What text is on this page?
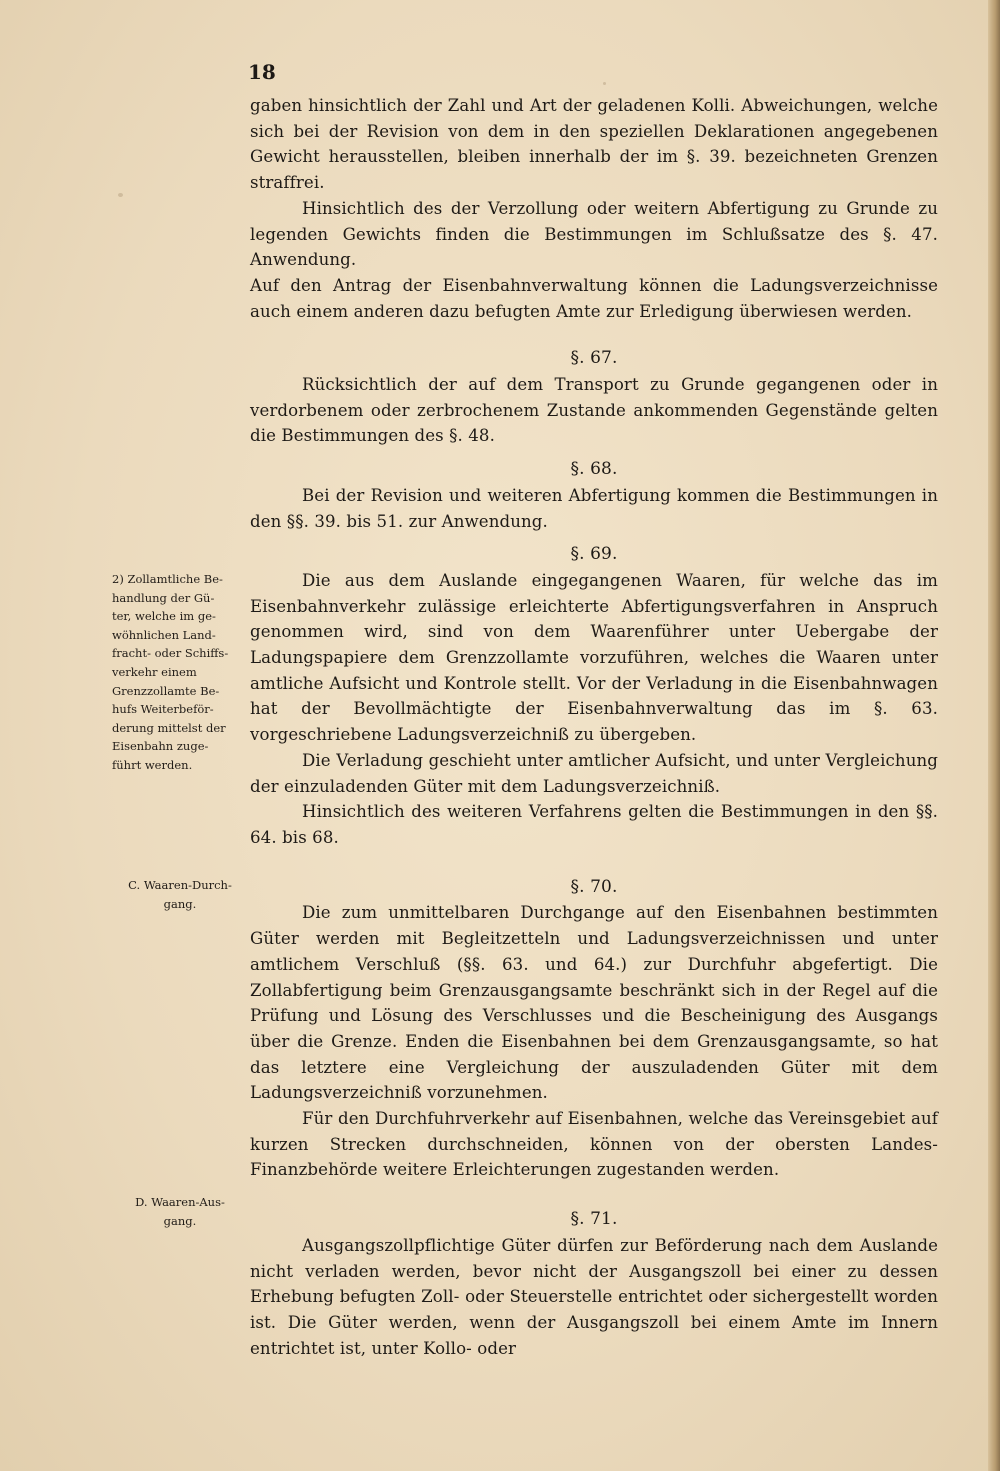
18

gaben hinsichtlich der Zahl und Art der geladenen Kolli. Abweichungen, welche sich bei der Revision von dem in den speziellen Deklarationen angegebenen Gewicht herausstellen, bleiben innerhalb der im §. 39. bezeichneten Grenzen straffrei.

Hinsichtlich des der Verzollung oder weitern Abfertigung zu Grunde zu legenden Gewichts finden die Bestimmungen im Schlußsatze des §. 47. Anwendung.

Auf den Antrag der Eisenbahnverwaltung können die Ladungsverzeichnisse auch einem anderen dazu befugten Amte zur Erledigung überwiesen werden.

§. 67.

Rücksichtlich der auf dem Transport zu Grunde gegangenen oder in verdorbenem oder zerbrochenem Zustande ankommenden Gegenstände gelten die Bestimmungen des §. 48.

§. 68.

Bei der Revision und weiteren Abfertigung kommen die Bestimmungen in den §§. 39. bis 51. zur Anwendung.

§. 69.

Die aus dem Auslande eingegangenen Waaren, für welche das im Eisenbahnverkehr zulässige erleichterte Abfertigungsverfahren in Anspruch genommen wird, sind von dem Waarenführer unter Uebergabe der Ladungspapiere dem Grenzzollamte vorzuführen, welches die Waaren unter amtliche Aufsicht und Kontrole stellt. Vor der Verladung in die Eisenbahnwagen hat der Bevollmächtigte der Eisenbahnverwaltung das im §. 63. vorgeschriebene Ladungsverzeichniß zu übergeben.

Die Verladung geschieht unter amtlicher Aufsicht, und unter Vergleichung der einzuladenden Güter mit dem Ladungsverzeichniß.

Hinsichtlich des weiteren Verfahrens gelten die Bestimmungen in den §§. 64. bis 68.

§. 70.

Die zum unmittelbaren Durchgange auf den Eisenbahnen bestimmten Güter werden mit Begleitzetteln und Ladungsverzeichnissen und unter amtlichem Verschluß (§§. 63. und 64.) zur Durchfuhr abgefertigt. Die Zollabfertigung beim Grenzausgangsamte beschränkt sich in der Regel auf die Prüfung und Lösung des Verschlusses und die Bescheinigung des Ausgangs über die Grenze. Enden die Eisenbahnen bei dem Grenzausgangsamte, so hat das letztere eine Vergleichung der auszuladenden Güter mit dem Ladungsverzeichniß vorzunehmen.

Für den Durchfuhrverkehr auf Eisenbahnen, welche das Vereinsgebiet auf kurzen Strecken durchschneiden, können von der obersten Landes-Finanzbehörde weitere Erleichterungen zugestanden werden.

§. 71.

Ausgangszollpflichtige Güter dürfen zur Beförderung nach dem Auslande nicht verladen werden, bevor nicht der Ausgangszoll bei einer zu dessen Erhebung befugten Zoll- oder Steuerstelle entrichtet oder sichergestellt worden ist. Die Güter werden, wenn der Ausgangszoll bei einem Amte im Innern entrichtet ist, unter Kollo- oder

2) Zollamtliche Be-
handlung der Gü-
ter, welche im ge-
wöhnlichen Land-
fracht- oder Schiffs-
verkehr einem
Grenzzollamte Be-
hufs Weiterbeför-
derung mittelst der
Eisenbahn zuge-
führt werden.
C. Waaren-Durch-
gang.
D. Waaren-Aus-
gang.
